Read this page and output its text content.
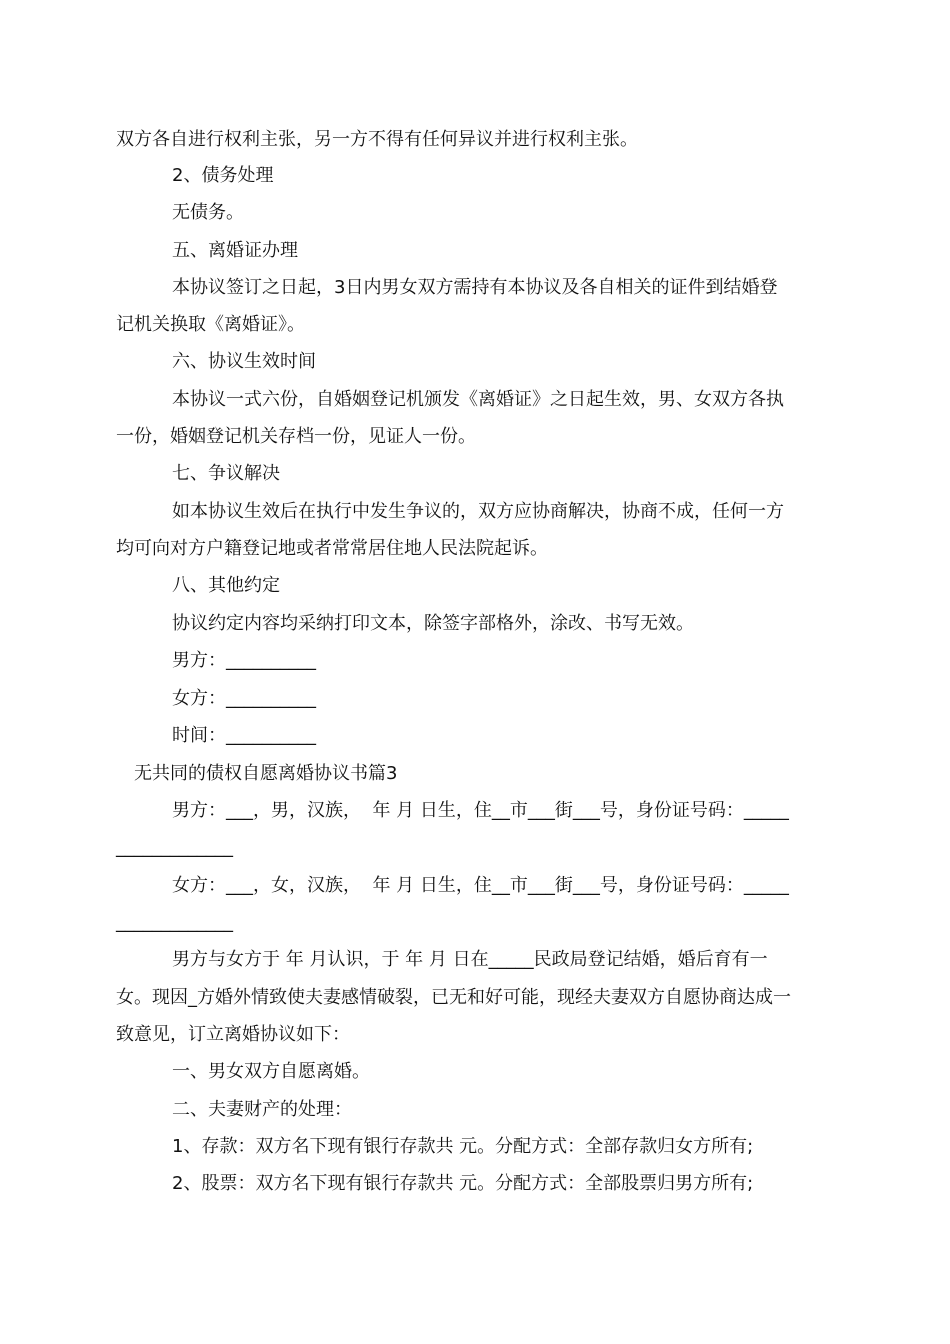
双方各自进行权利主张，另一方不得有任何异议并进行权利主张。
2、债务处理
无债务。
五、离婚证办理
本协议签订之日起，3日内男女双方需持有本协议及各自相关的证件到结婚登
记机关换取《离婚证》。
六、协议生效时间
本协议一式六份，自婚姻登记机颁发《离婚证》之日起生效，男、女双方各执
一份，婚姻登记机关存档一份，见证人一份。
七、争议解决
如本协议生效后在执行中发生争议的，双方应协商解决，协商不成，任何一方
均可向对方户籍登记地或者常常居住地人民法院起诉。
八、其他约定
协议约定内容均采纳打印文本，除签字部格外，涂改、书写无效。
男方：__________
女方：__________
时间：__________
无共同的债权自愿离婚协议书篇3
男方：___，男，汉族，  年 月 日生，住__市___街___号，身份证号码：_____
_____________
女方：___，女，汉族，  年 月 日生，住__市___街___号，身份证号码：_____
_____________
男方与女方于 年 月认识，于 年 月 日在_____民政局登记结婚，婚后育有一
女。现因_方婚外情致使夫妻感情破裂，已无和好可能，现经夫妻双方自愿协商达成一
致意见，订立离婚协议如下：
一、男女双方自愿离婚。
二、夫妻财产的处理：
1、存款：双方名下现有银行存款共 元。分配方式：全部存款归女方所有;
2、股票：双方名下现有银行存款共 元。分配方式：全部股票归男方所有;
